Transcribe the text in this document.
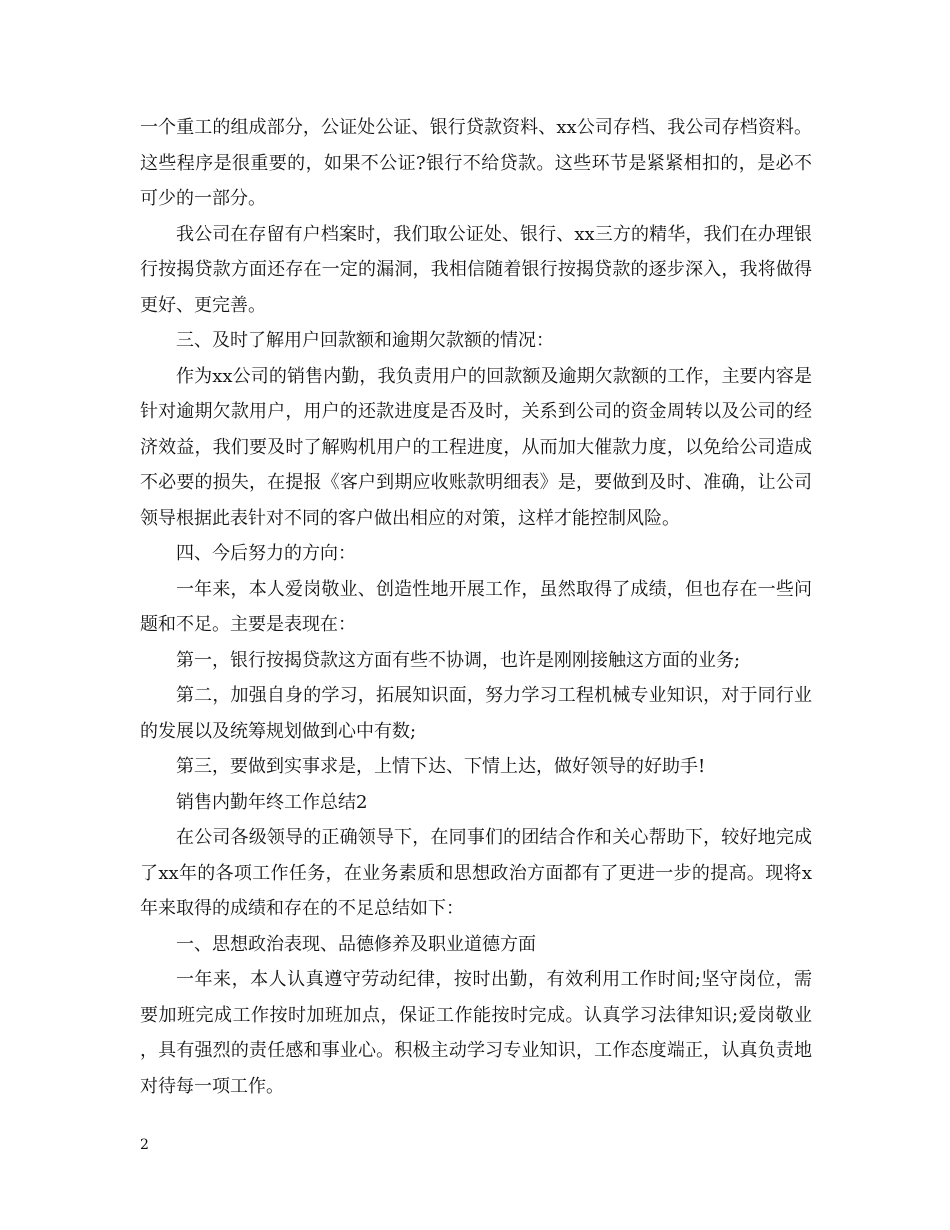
一个重工的组成部分，公证处公证、银行贷款资料、xx公司存档、我公司存档资料。这些程序是很重要的，如果不公证?银行不给贷款。这些环节是紧紧相扣的，是必不可少的一部分。

我公司在存留有户档案时，我们取公证处、银行、xx三方的精华，我们在办理银行按揭贷款方面还存在一定的漏洞，我相信随着银行按揭贷款的逐步深入，我将做得更好、更完善。

三、及时了解用户回款额和逾期欠款额的情况：

作为xx公司的销售内勤，我负责用户的回款额及逾期欠款额的工作，主要内容是针对逾期欠款用户，用户的还款进度是否及时，关系到公司的资金周转以及公司的经济效益，我们要及时了解购机用户的工程进度，从而加大催款力度，以免给公司造成不必要的损失，在提报《客户到期应收账款明细表》是，要做到及时、准确，让公司领导根据此表针对不同的客户做出相应的对策，这样才能控制风险。

四、今后努力的方向：

一年来，本人爱岗敬业、创造性地开展工作，虽然取得了成绩，但也存在一些问题和不足。主要是表现在：

第一，银行按揭贷款这方面有些不协调，也许是刚刚接触这方面的业务;

第二，加强自身的学习，拓展知识面，努力学习工程机械专业知识，对于同行业的发展以及统筹规划做到心中有数;

第三，要做到实事求是，上情下达、下情上达，做好领导的好助手!

销售内勤年终工作总结2

在公司各级领导的正确领导下，在同事们的团结合作和关心帮助下，较好地完成了xx年的各项工作任务，在业务素质和思想政治方面都有了更进一步的提高。现将x年来取得的成绩和存在的不足总结如下：

一、思想政治表现、品德修养及职业道德方面

一年来，本人认真遵守劳动纪律，按时出勤，有效利用工作时间;坚守岗位，需要加班完成工作按时加班加点，保证工作能按时完成。认真学习法律知识;爱岗敬业，具有强烈的责任感和事业心。积极主动学习专业知识，工作态度端正，认真负责地对待每一项工作。

2
